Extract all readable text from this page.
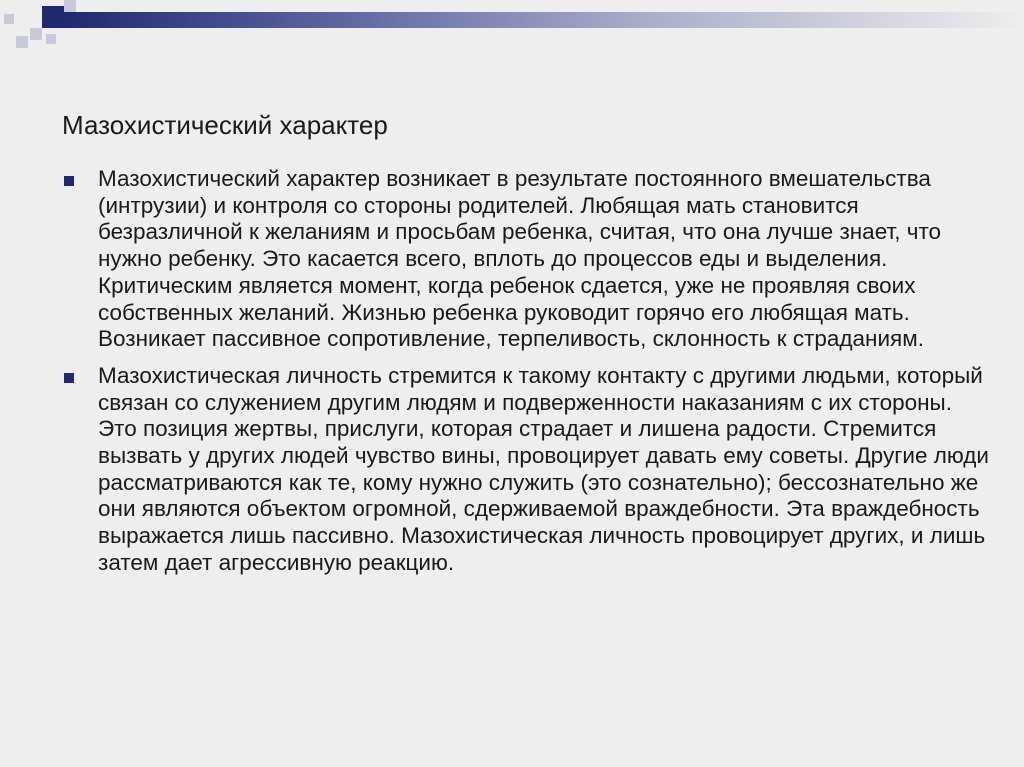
Мазохистический характер
Мазохистический характер возникает в результате постоянного вмешательства (интрузии) и контроля со стороны родителей. Любящая мать становится безразличной к желаниям и просьбам ребенка, считая, что она лучше знает, что нужно ребенку. Это касается всего, вплоть до процессов еды и выделения. Критическим является момент, когда ребенок сдается, уже не проявляя своих собственных желаний. Жизнью ребенка руководит горячо его любящая мать. Возникает пассивное сопротивление, терпеливость, склонность к страданиям.
Мазохистическая личность стремится к такому контакту с другими людьми, который связан со служением другим людям и подверженности наказаниям с их стороны. Это позиция жертвы, прислуги, которая страдает и лишена радости. Стремится вызвать у других людей чувство вины, провоцирует давать ему советы. Другие люди рассматриваются как те, кому нужно служить (это сознательно); бессознательно же они являются объектом огромной, сдерживаемой враждебности. Эта враждебность выражается лишь пассивно. Мазохистическая личность провоцирует других, и лишь затем дает агрессивную реакцию.
